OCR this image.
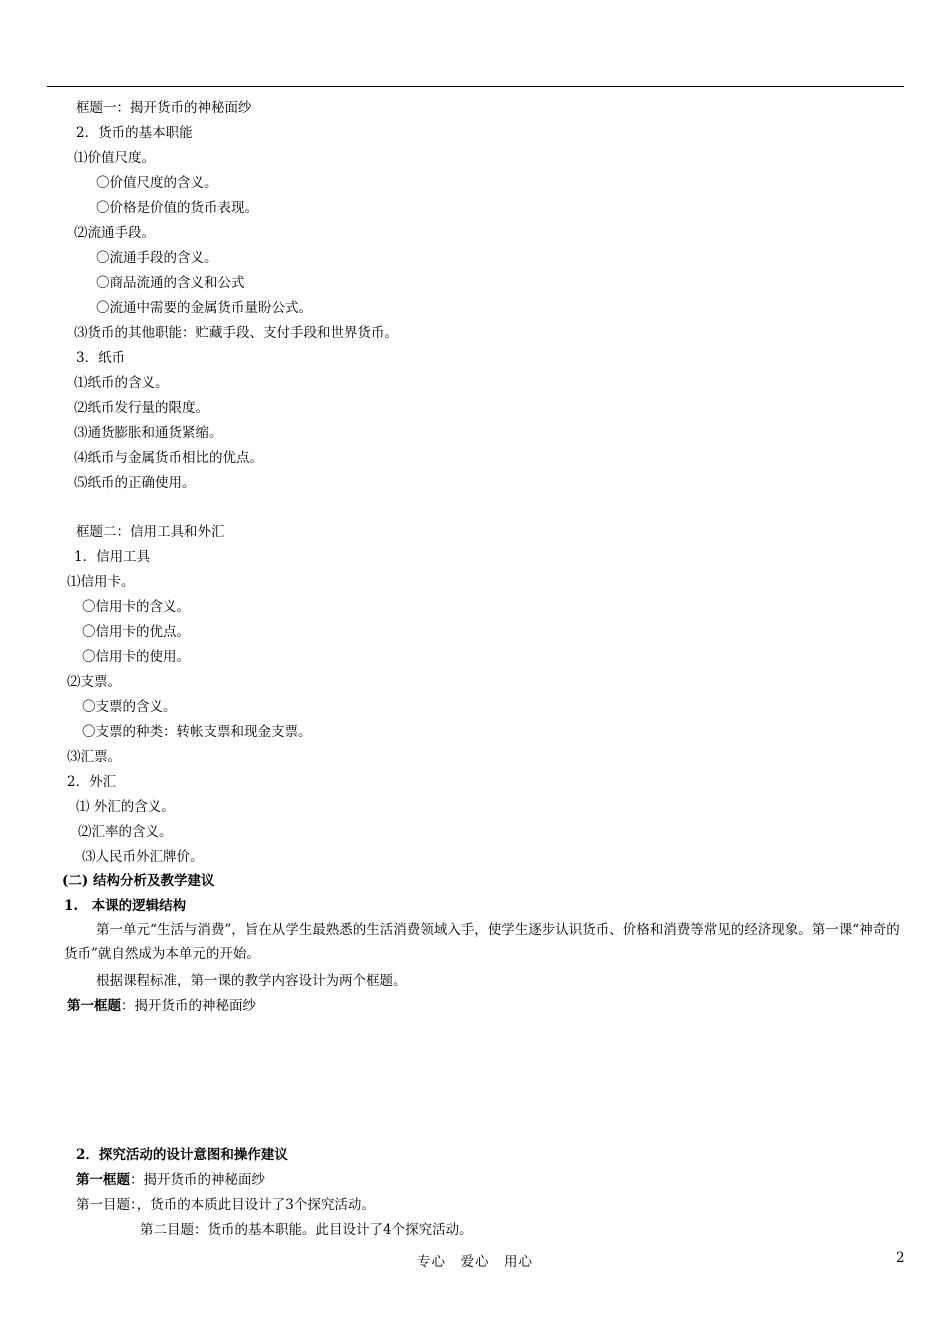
框题一：揭开货币的神秘面纱
2．货币的基本职能
⑴价值尺度。
〇价值尺度的含义。
〇价格是价值的货币表现。
⑵流通手段。
〇流通手段的含义。
〇商品流通的含义和公式
〇流通中需要的金属货币量盼公式。
⑶货币的其他职能：贮藏手段、支付手段和世界货币。
3．纸币
⑴纸币的含义。
⑵纸币发行量的限度。
⑶通货膨胀和通货紧缩。
⑷纸币与金属货币相比的优点。
⑸纸币的正确使用。
框题二：信用工具和外汇
1．信用工具
⑴信用卡。
〇信用卡的含义。
〇信用卡的优点。
〇信用卡的使用。
⑵支票。
〇支票的含义。
〇支票的种类：转帐支票和现金支票。
⑶汇票。
2．外汇
⑴ 外汇的含义。
⑵汇率的含义。
⑶人民币外汇牌价。
(二) 结构分析及教学建议
1.　本课的逻辑结构
第一单元“生活与消费”，旨在从学生最熟悉的生活消费领域入手，使学生逐步认识货币、价格和消费等常见的经济现象。第一课“神奇的货币”就自然成为本单元的开始。
根据课程标准，第一课的教学内容设计为两个框题。
第一框题：揭开货币的神秘面纱
2．探究活动的设计意图和操作建议
第一框题：揭开货币的神秘面纱
第一目题：，货币的本质此目设计了3个探究活动。
第二目题：货币的基本职能。此目设计了4个探究活动。
专心　爱心　用心	2
